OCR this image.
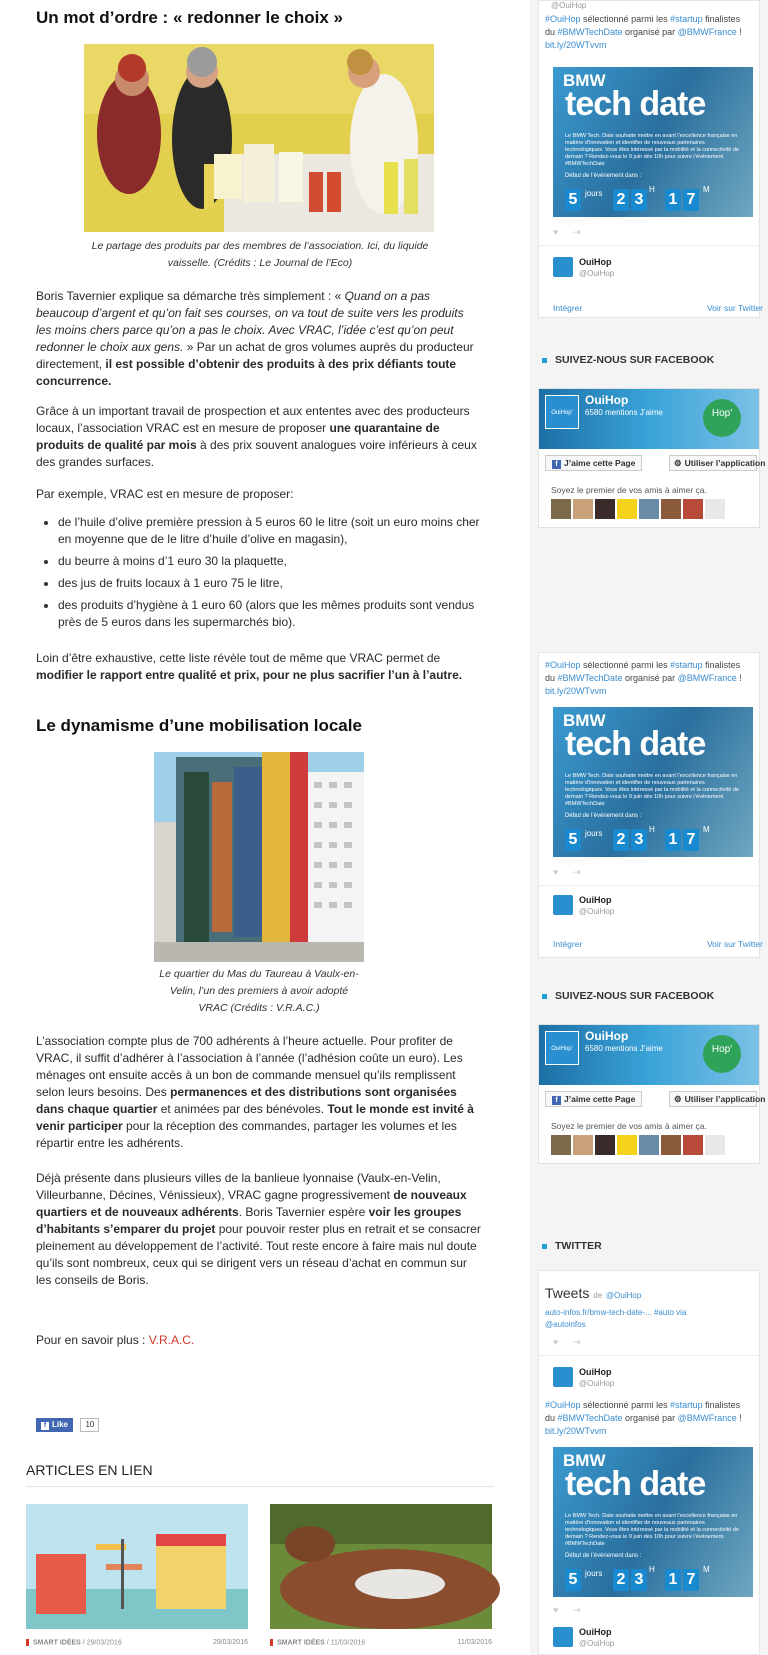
Un mot d’ordre : « redonner le choix »
Le partage des produits par des membres de l’association. Ici, du liquide vaisselle. (Crédits : Le Journal de l’Eco)

Boris Tavernier explique sa démarche très simplement : « Quand on a pas beaucoup d’argent et qu’on fait ses courses, on va tout de suite vers les produits les moins chers parce qu’on a pas le choix. Avec VRAC, l’idée c’est qu’on peut redonner le choix aux gens. » Par un achat de gros volumes auprès du producteur directement, il est possible d’obtenir des produits à des prix défiants toute concurrence.

Grâce à un important travail de prospection et aux ententes avec des producteurs locaux, l’association VRAC est en mesure de proposer une quarantaine de produits de qualité par mois à des prix souvent analogues voire inférieurs à ceux des grandes surfaces.

Par exemple, VRAC est en mesure de proposer:

de l’huile d’olive première pression à 5 euros 60 le litre (soit un euro moins cher en moyenne que de le litre d’huile d’olive en magasin),
du beurre à moins d’1 euro 30 la plaquette,
des jus de fruits locaux à 1 euro 75 le litre,
des produits d’hygiène à 1 euro 60 (alors que les mêmes produits sont vendus près de 5 euros dans les supermarchés bio).

Loin d’être exhaustive, cette liste révèle tout de même que VRAC permet de modifier le rapport entre qualité et prix, pour ne plus sacrifier l’un à l’autre.

Le dynamisme d’une mobilisation locale
Le quartier du Mas du Taureau à Vaulx-en-Velin, l’un des premiers à avoir adopté VRAC (Crédits : V.R.A.C.)

L’association compte plus de 700 adhérents à l’heure actuelle. Pour profiter de VRAC, il suffit d’adhérer à l’association à l’année (l’adhésion coûte un euro). Les ménages ont ensuite accès à un bon de commande mensuel qu’ils remplissent selon leurs besoins. Des permanences et des distributions sont organisées dans chaque quartier et animées par des bénévoles. Tout le monde est invité à venir participer pour la réception des commandes, partager les volumes et les répartir entre les adhérents.

Déjà présente dans plusieurs villes de la banlieue lyonnaise (Vaulx-en-Velin, Villeurbanne, Décines, Vénissieux), VRAC gagne progressivement de nouveaux quartiers et de nouveaux adhérents. Boris Tavernier espère voir les groupes d’habitants s’emparer du projet pour pouvoir rester plus en retrait et se consacrer pleinement au développement de l’activité. Tout reste encore à faire mais nul doute qu’ils sont nombreux, ceux qui se dirigent vers un réseau d’achat en commun sur les conseils de Boris.

Pour en savoir plus : V.R.A.C.

f Like 10
ARTICLES EN LIEN
SMART IDÉES / 29/03/2016	29/03/2016	SMART IDÉES / 11/03/2016	11/03/2016
@OuiHop
#OuiHop sélectionné parmi les #startup finalistes du #BMWTechDate organisé par @BMWFrance !
bit.ly/20WTvvm
BMW
tech date
Le BMW Tech. Date souhaite mettre en avant l’excellence française en matière d’innovation et identifier de nouveaux partenaires technologiques. Vous êtes intéressé par la mobilité et la connectivité de demain ? Rendez-vous le 9 juin dès 10h pour suivre l’événement. #BMWTechDate
Début de l’événement dans :
5 jours 2 3
H
1 7
M
♥ ⇥
OuiHop
@OuiHop
Intégrer	Voir sur Twitter
SUIVEZ-NOUS SUR FACEBOOK
OuiHop'
OuiHop
6580 mentions J’aime	Hop'
f J’aime cette Page	⚙ Utiliser l’application
Soyez le premier de vos amis à aimer ça.
#OuiHop sélectionné parmi les #startup finalistes du #BMWTechDate organisé par @BMWFrance !
bit.ly/20WTvvm
BMW
tech date
Le BMW Tech. Date souhaite mettre en avant l’excellence française en matière d’innovation et identifier de nouveaux partenaires technologiques. Vous êtes intéressé par la mobilité et la connectivité de demain ? Rendez-vous le 9 juin dès 10h pour suivre l’événement. #BMWTechDate
Début de l’événement dans :
5 jours 2 3
H
1 7
M
♥ ⇥
OuiHop
@OuiHop
Intégrer	Voir sur Twitter
SUIVEZ-NOUS SUR FACEBOOK
OuiHop'
OuiHop
6580 mentions J’aime	Hop'
f J’aime cette Page	⚙ Utiliser l’application
Soyez le premier de vos amis à aimer ça.
TWITTER
Tweets de @OuiHop
auto-infos.fr/bmw-tech-date-... #auto via
@autoinfos
♥ ⇥
OuiHop
@OuiHop
#OuiHop sélectionné parmi les #startup finalistes du #BMWTechDate organisé par @BMWFrance !
bit.ly/20WTvvm
BMW
tech date
Le BMW Tech. Date souhaite mettre en avant l’excellence française en matière d’innovation et identifier de nouveaux partenaires technologiques. Vous êtes intéressé par la mobilité et la connectivité de demain ? Rendez-vous le 9 juin dès 10h pour suivre l’événement. #BMWTechDate
Début de l’événement dans :
5 jours 2 3
H
1 7
M
♥ ⇥
OuiHop
@OuiHop
